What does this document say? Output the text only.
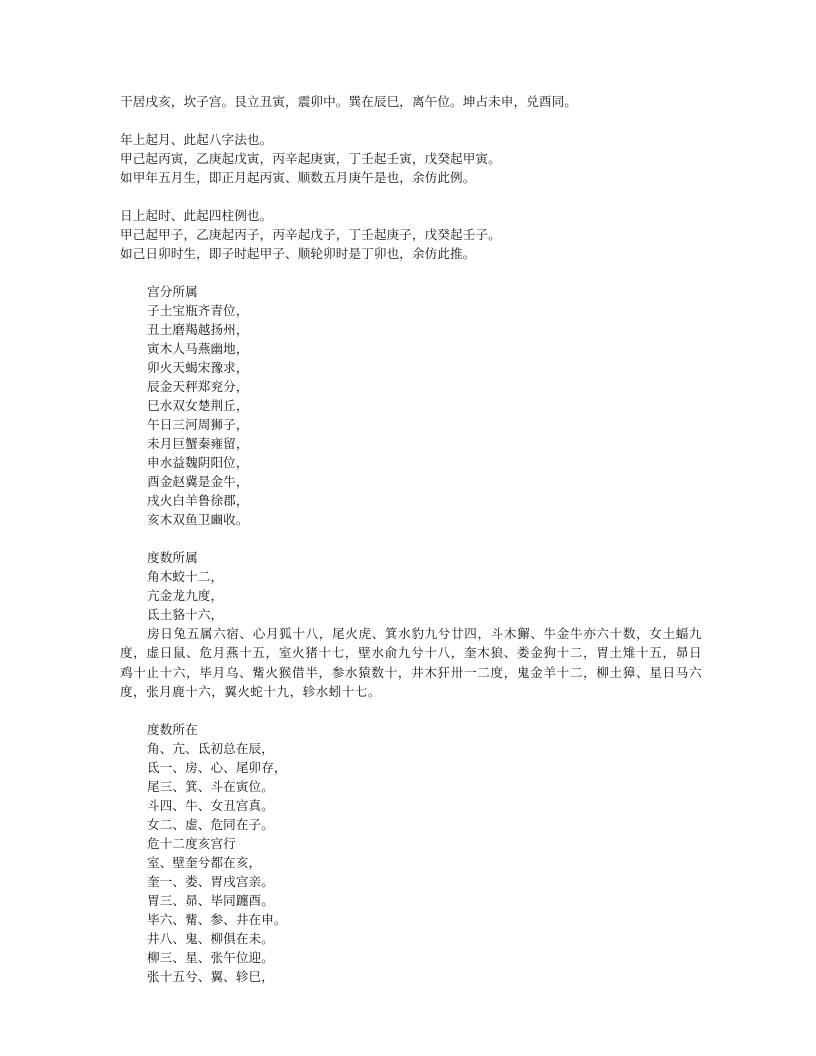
干居戌亥，坎子宫。艮立丑寅，震卯中。巽在辰巳，离午位。坤占未申，兑酉同。
年上起月、此起八字法也。
甲己起丙寅，乙庚起戊寅，丙辛起庚寅，丁壬起壬寅，戊癸起甲寅。
如甲年五月生，即正月起丙寅、顺数五月庚午是也，余仿此例。
日上起时、此起四柱例也。
甲己起甲子，乙庚起丙子，丙辛起戊子，丁壬起庚子，戊癸起壬子。
如己日卯时生，即子时起甲子、顺轮卯时是丁卯也，余仿此推。
宫分所属
子土宝瓶齐青位，
丑土磨羯越扬州，
寅木人马燕幽地，
卯火天蝎宋豫求，
辰金天秤郑兖分，
巳水双女楚荆丘，
午日三河周狮子，
未月巨蟹秦雍留，
申水益魏阴阳位，
酉金赵冀是金牛，
戌火白羊鲁徐郡，
亥木双鱼卫豳收。
度数所属
角木蛟十二，
亢金龙九度，
氐土貉十六，

房日兔五属六宿、心月狐十八，尾火虎、箕水豹九兮廿四，斗木獬、牛金牛亦六十数，女土蝠九度，虚日鼠、危月燕十五，室火猪十七，壁水俞九兮十八，奎木狼、娄金狗十二，胃土雉十五，昴日鸡十止十六，毕月乌、觜火猴借半，参水猿数十，井木犴卅一二度，鬼金羊十二，柳土獐、星日马六度，张月鹿十六，翼火蛇十九，轸水蚓十七。

度数所在
角、亢、氐初总在辰，
氐一、房、心、尾卯存，
尾三、箕、斗在寅位。
斗四、牛、女丑宫真。
女二、虚、危同在子。
危十二度亥宫行
室、壁奎兮都在亥，
奎一、娄、胃戌宫亲。
胃三、昴、毕同躔酉。
毕六、觜、参、井在申。
井八、鬼、柳俱在未。
柳三、星、张午位迎。
张十五兮、翼、轸巳，
